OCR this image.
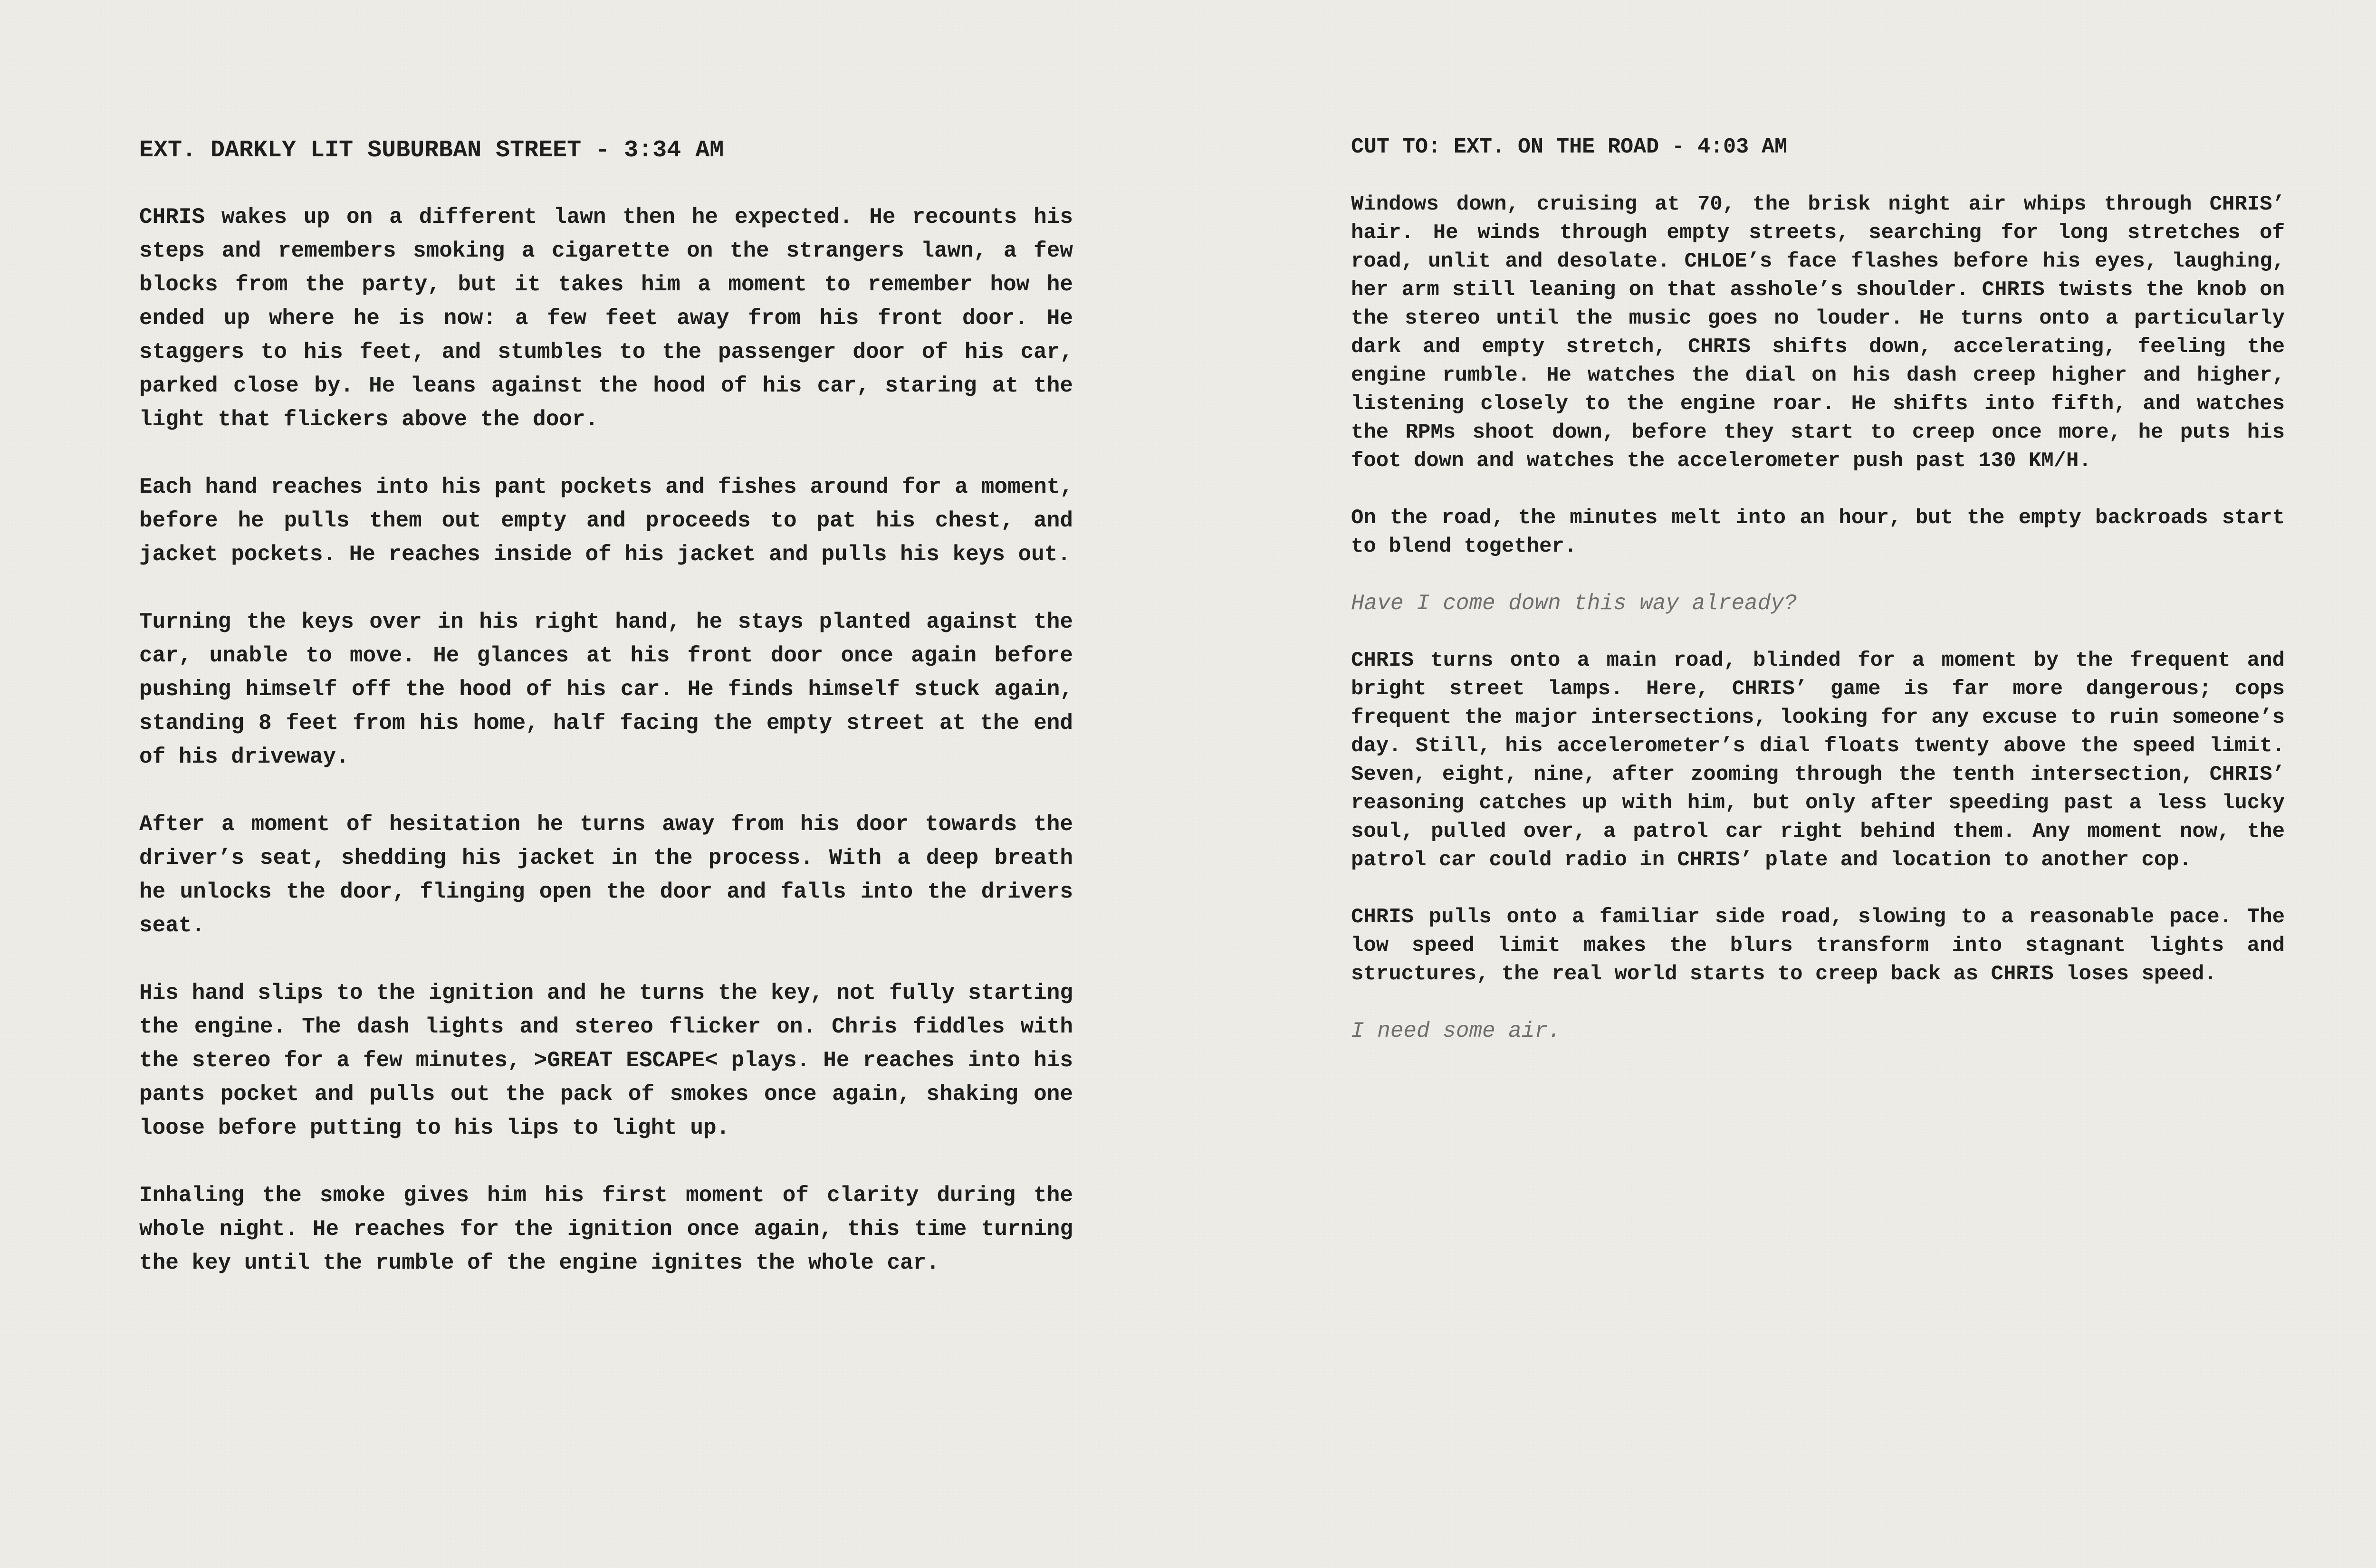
EXT. DARKLY LIT SUBURBAN STREET - 3:34 AM

CHRIS wakes up on a different lawn then he expected. He recounts his steps and remembers smoking a cigarette on the strangers lawn, a few blocks from the party, but it takes him a moment to remember how he ended up where he is now: a few feet away from his front door. He staggers to his feet, and stumbles to the passenger door of his car, parked close by. He leans against the hood of his car, staring at the light that flickers above the door.

Each hand reaches into his pant pockets and fishes around for a moment, before he pulls them out empty and proceeds to pat his chest, and jacket pockets. He reaches inside of his jacket and pulls his keys out.

Turning the keys over in his right hand, he stays planted against the car, unable to move. He glances at his front door once again before pushing himself off the hood of his car. He finds himself stuck again, standing 8 feet from his home, half facing the empty street at the end of his driveway.

After a moment of hesitation he turns away from his door towards the driver’s seat, shedding his jacket in the process. With a deep breath he unlocks the door, flinging open the door and falls into the drivers seat.

His hand slips to the ignition and he turns the key, not fully starting the engine. The dash lights and stereo flicker on. Chris fiddles with the stereo for a few minutes, >GREAT ESCAPE< plays. He reaches into his pants pocket and pulls out the pack of smokes once again, shaking one loose before putting to his lips to light up.

Inhaling the smoke gives him his first moment of clarity during the whole night. He reaches for the ignition once again, this time turning the key until the rumble of the engine ignites the whole car.

CUT TO: EXT. ON THE ROAD - 4:03 AM

Windows down, cruising at 70, the brisk night air whips through CHRIS’ hair. He winds through empty streets, searching for long stretches of road, unlit and desolate. CHLOE’s face flashes before his eyes, laughing, her arm still leaning on that asshole’s shoulder. CHRIS twists the knob on the stereo until the music goes no louder. He turns onto a particularly dark and empty stretch, CHRIS shifts down, accelerating, feeling the engine rumble. He watches the dial on his dash creep higher and higher, listening closely to the engine roar. He shifts into fifth, and watches the RPMs shoot down, before they start to creep once more, he puts his foot down and watches the accelerometer push past 130 KM/H.

On the road, the minutes melt into an hour, but the empty backroads start to blend together.

Have I come down this way already?

CHRIS turns onto a main road, blinded for a moment by the frequent and bright street lamps. Here, CHRIS’ game is far more dangerous; cops frequent the major intersections, looking for any excuse to ruin someone’s day. Still, his accelerometer’s dial floats twenty above the speed limit. Seven, eight, nine, after zooming through the tenth intersection, CHRIS’ reasoning catches up with him, but only after speeding past a less lucky soul, pulled over, a patrol car right behind them. Any moment now, the patrol car could radio in CHRIS’ plate and location to another cop.

CHRIS pulls onto a familiar side road, slowing to a reasonable pace. The low speed limit makes the blurs transform into stagnant lights and structures, the real world starts to creep back as CHRIS loses speed.

I need some air.
